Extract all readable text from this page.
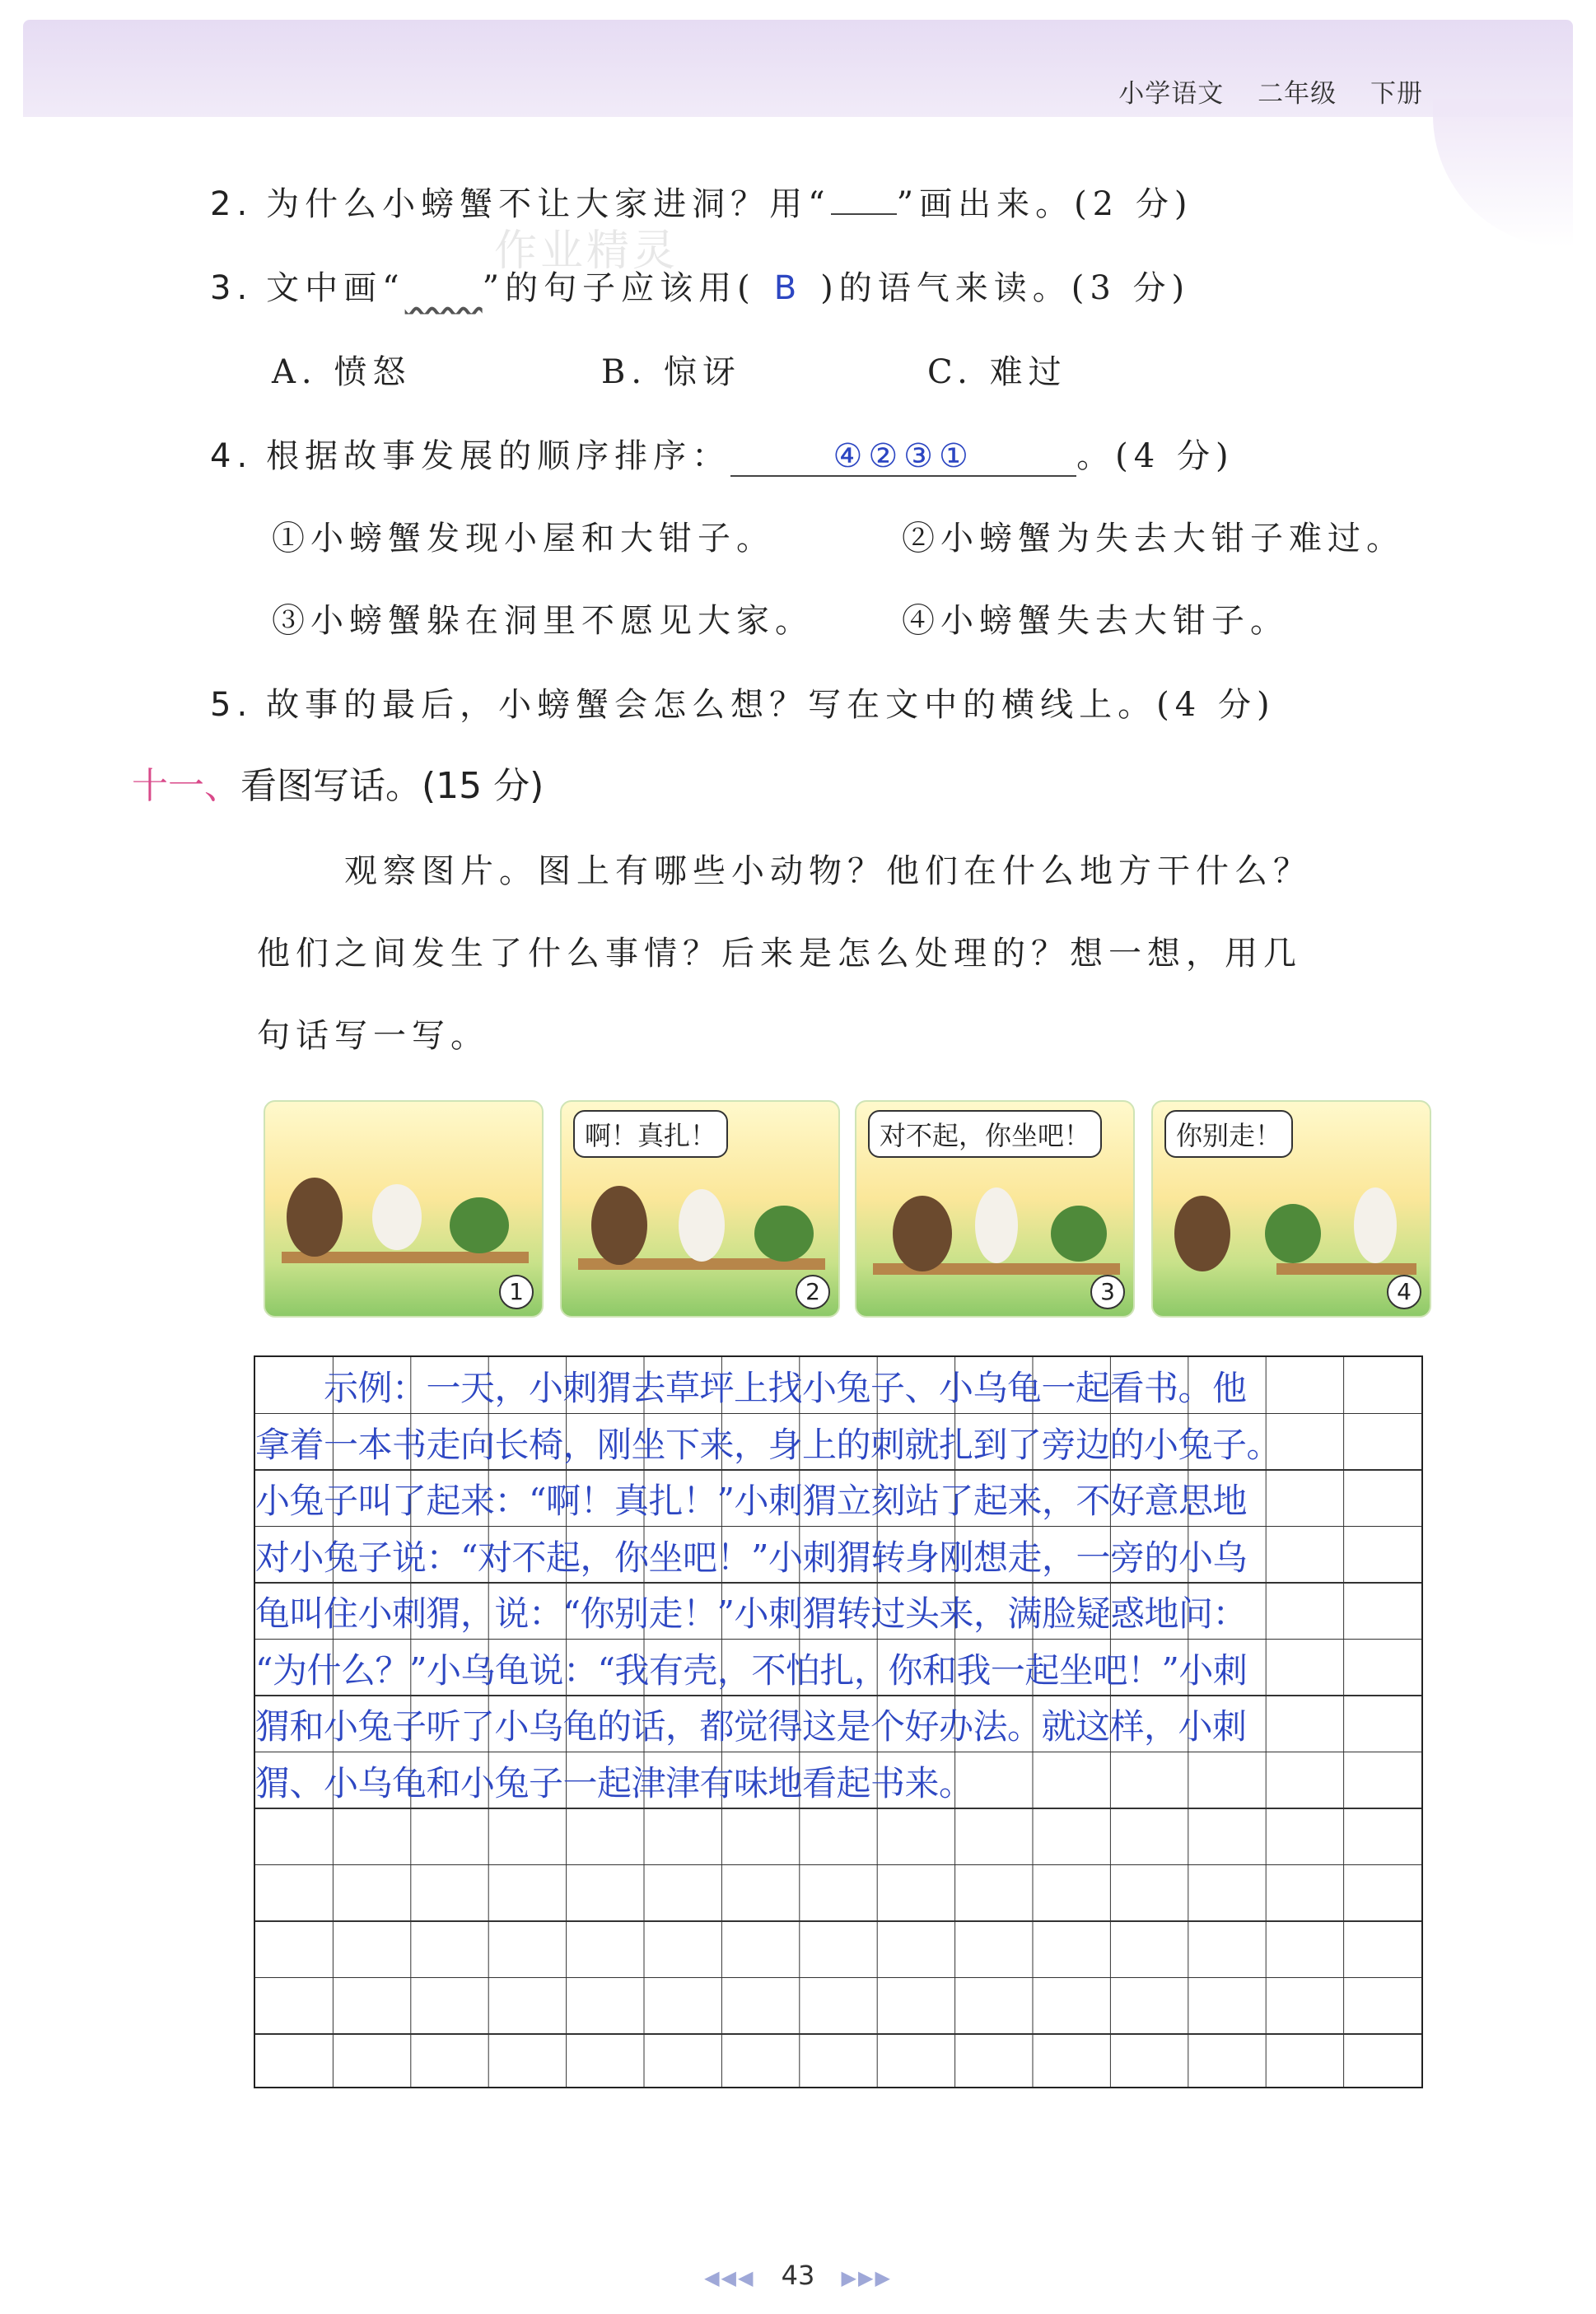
小学语文 二年级 下册
作业精灵
2. 为什么小螃蟹不让大家进洞？用“ ”画出来。(2 分)
3. 文中画“　　 ”的句子应该用( B )的语气来读。(3 分)
A. 愤怒	B. 惊讶	C. 难过
4. 根据故事发展的顺序排序：	④②③①	。(4 分)
①小螃蟹发现小屋和大钳子。	②小螃蟹为失去大钳子难过。
③小螃蟹躲在洞里不愿见大家。	④小螃蟹失去大钳子。
5. 故事的最后，小螃蟹会怎么想？写在文中的横线上。(4 分)
十一、看图写话。(15 分)
观察图片。图上有哪些小动物？他们在什么地方干什么？
他们之间发生了什么事情？后来是怎么处理的？想一想，用几
句话写一写。
1
啊！真扎！
2
对不起，你坐吧！
3
你别走！
4
　　示例：一天，小刺猬去草坪上找小兔子、小乌龟一起看书。他
拿着一本书走向长椅，刚坐下来，身上的刺就扎到了旁边的小兔子。
小兔子叫了起来：“啊！真扎！”小刺猬立刻站了起来，不好意思地
对小兔子说：“对不起，你坐吧！”小刺猬转身刚想走，一旁的小乌
龟叫住小刺猬，说：“你别走！”小刺猬转过头来，满脸疑惑地问：
“为什么？”小乌龟说：“我有壳，不怕扎，你和我一起坐吧！”小刺
猬和小兔子听了小乌龟的话，都觉得这是个好办法。就这样，小刺
猬、小乌龟和小兔子一起津津有味地看起书来。
◀◀◀ 43 ▶▶▶
